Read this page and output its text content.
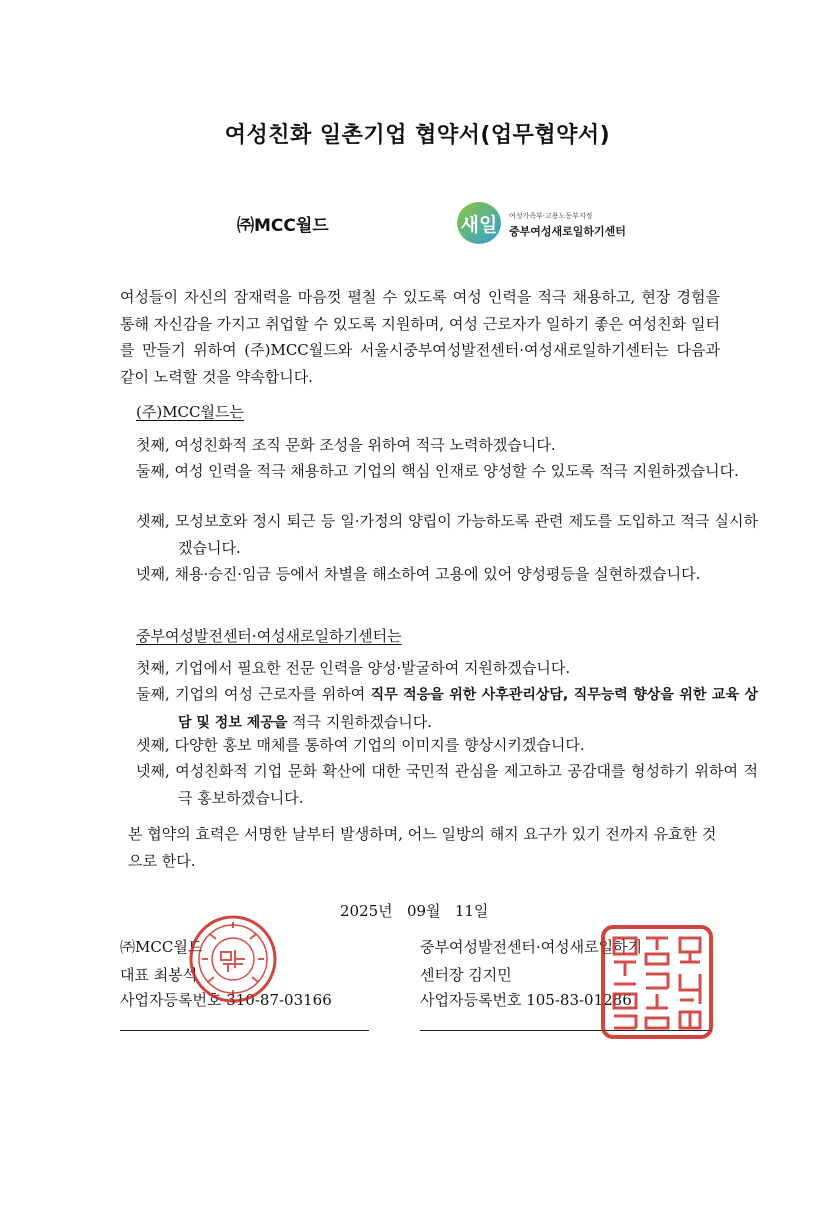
여성친화 일촌기업 협약서(업무협약서)
㈜MCC월드	새일 여성가족부·고용노동부지정
중부여성새로일하기센터
여성들이 자신의 잠재력을 마음껏 펼칠 수 있도록 여성 인력을 적극 채용하고, 현장 경험을 통해 자신감을 가지고 취업할 수 있도록 지원하며, 여성 근로자가 일하기 좋은 여성친화 일터를 만들기 위하여 (주)MCC월드와 서울시중부여성발전센터·여성새로일하기센터는 다음과 같이 노력할 것을 약속합니다.
(주)MCC월드는
첫째, 여성친화적 조직 문화 조성을 위하여 적극 노력하겠습니다.
둘째, 여성 인력을 적극 채용하고 기업의 핵심 인재로 양성할 수 있도록 적극 지원하겠습니다.
셋째, 모성보호와 정시 퇴근 등 일·가정의 양립이 가능하도록 관련 제도를 도입하고 적극 실시하겠습니다.
넷째, 채용·승진·임금 등에서 차별을 해소하여 고용에 있어 양성평등을 실현하겠습니다.
중부여성발전센터·여성새로일하기센터는
첫째, 기업에서 필요한 전문 인력을 양성·발굴하여 지원하겠습니다.
둘째, 기업의 여성 근로자를 위하여 직무 적응을 위한 사후관리상담, 직무능력 향상을 위한 교육 상담 및 정보 제공을 적극 지원하겠습니다.
셋째, 다양한 홍보 매체를 통하여 기업의 이미지를 향상시키겠습니다.
넷째, 여성친화적 기업 문화 확산에 대한 국민적 관심을 제고하고 공감대를 형성하기 위하여 적극 홍보하겠습니다.
본 협약의 효력은 서명한 날부터 발생하며, 어느 일방의 해지 요구가 있기 전까지 유효한 것으로 한다.
2025년   09월   11일
㈜MCC월드
대표 최봉석
사업자등록번호 310-87-03166
중부여성발전센터·여성새로일하기
센터장 김지민
사업자등록번호 105-83-01286
